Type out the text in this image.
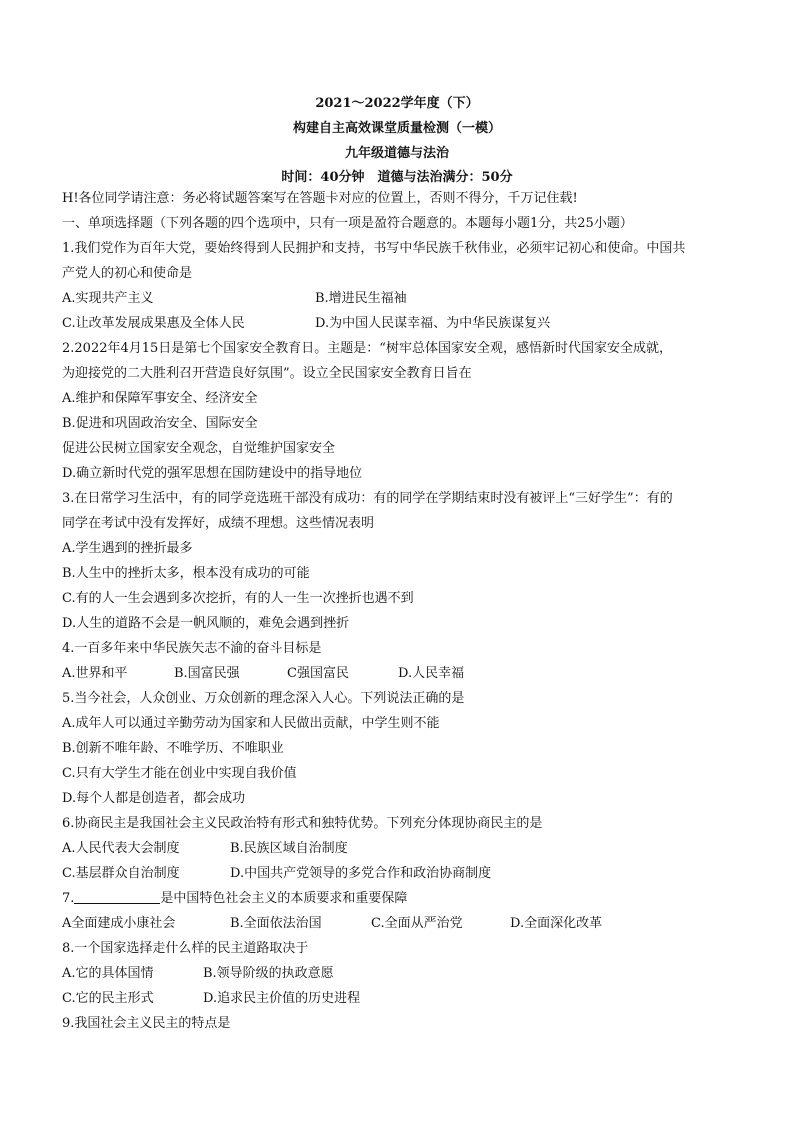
2021～2022学年度（下）
构建自主高效课堂质量检测（一模）
九年级道德与法治
时间：40分钟　道德与法治满分：50分
H!各位同学请注意：务必将试题答案写在答题卡对应的位置上，否则不得分，千万记住载!
一、单项选择题（下列各题的四个选项中，只有一项是盈符合题意的。本题每小题1分，共25小题）
1.我们党作为百年大党，要始终得到人民拥护和支持，书写中华民族千秋伟业，必须牢记初心和使命。中国共
产党人的初心和使命是
A.实现共产主义	B.增进民生福袖
C.让改革发展成果惠及全体人民	D.为中国人民谋幸福、为中华民族谋复兴
2.2022年4月15日是第七个国家安全教育日。主题是：“树牢总体国家安全观，感悟新时代国家安全成就，
为迎接党的二大胜利召开营造良好氛围”。设立全民国家安全教育日旨在
A.维护和保障军事安全、经济安全
B.促进和巩固政治安全、国际安全
促进公民树立国家安全观念，自觉维护国家安全
D.确立新时代党的强军思想在国防建设中的指导地位
3.在日常学习生活中，有的同学竞选班干部没有成功：有的同学在学期结束时没有被评上“三好学生”：有的
同学在考试中没有发挥好，成绩不理想。这些情况表明
A.学生遇到的挫折最多
B.人生中的挫折太多，根本没有成功的可能
C.有的人一生会遇到多次挖折，有的人一生一次挫折也遇不到
D.人生的道路不会是一帆风顺的，难免会遇到挫折
4.一百多年来中华民族矢志不渝的奋斗目标是
A.世界和平	B.国富民强	C强国富民	D.人民幸福
5.当今社会，人众创业、万众创新的理念深入人心。下列说法正确的是
A.成年人可以通过辛勤劳动为国家和人民做出贡献，中学生则不能
B.创新不唯年龄、不唯学历、不唯职业
C.只有大学生才能在创业中实现自我价值
D.每个人都是创造者，都会成功
6.协商民主是我国社会主义民政治特有形式和独特优势。下列充分体现协商民主的是
A.人民代表大会制度	B.民族区域自治制度
C.基层群众自治制度	D.中国共产党领导的多党合作和政治协商制度
7.	是中国特色社会主义的本质要求和重要保障
A全面建成小康社会	B.全面依法治国	C.全面从严治党	D.全面深化改革
8.一个国家选择走什么样的民主道路取决于
A.它的具体国情	B.领导阶级的执政意愿
C.它的民主形式	D.追求民主价值的历史进程
9.我国社会主义民主的特点是
